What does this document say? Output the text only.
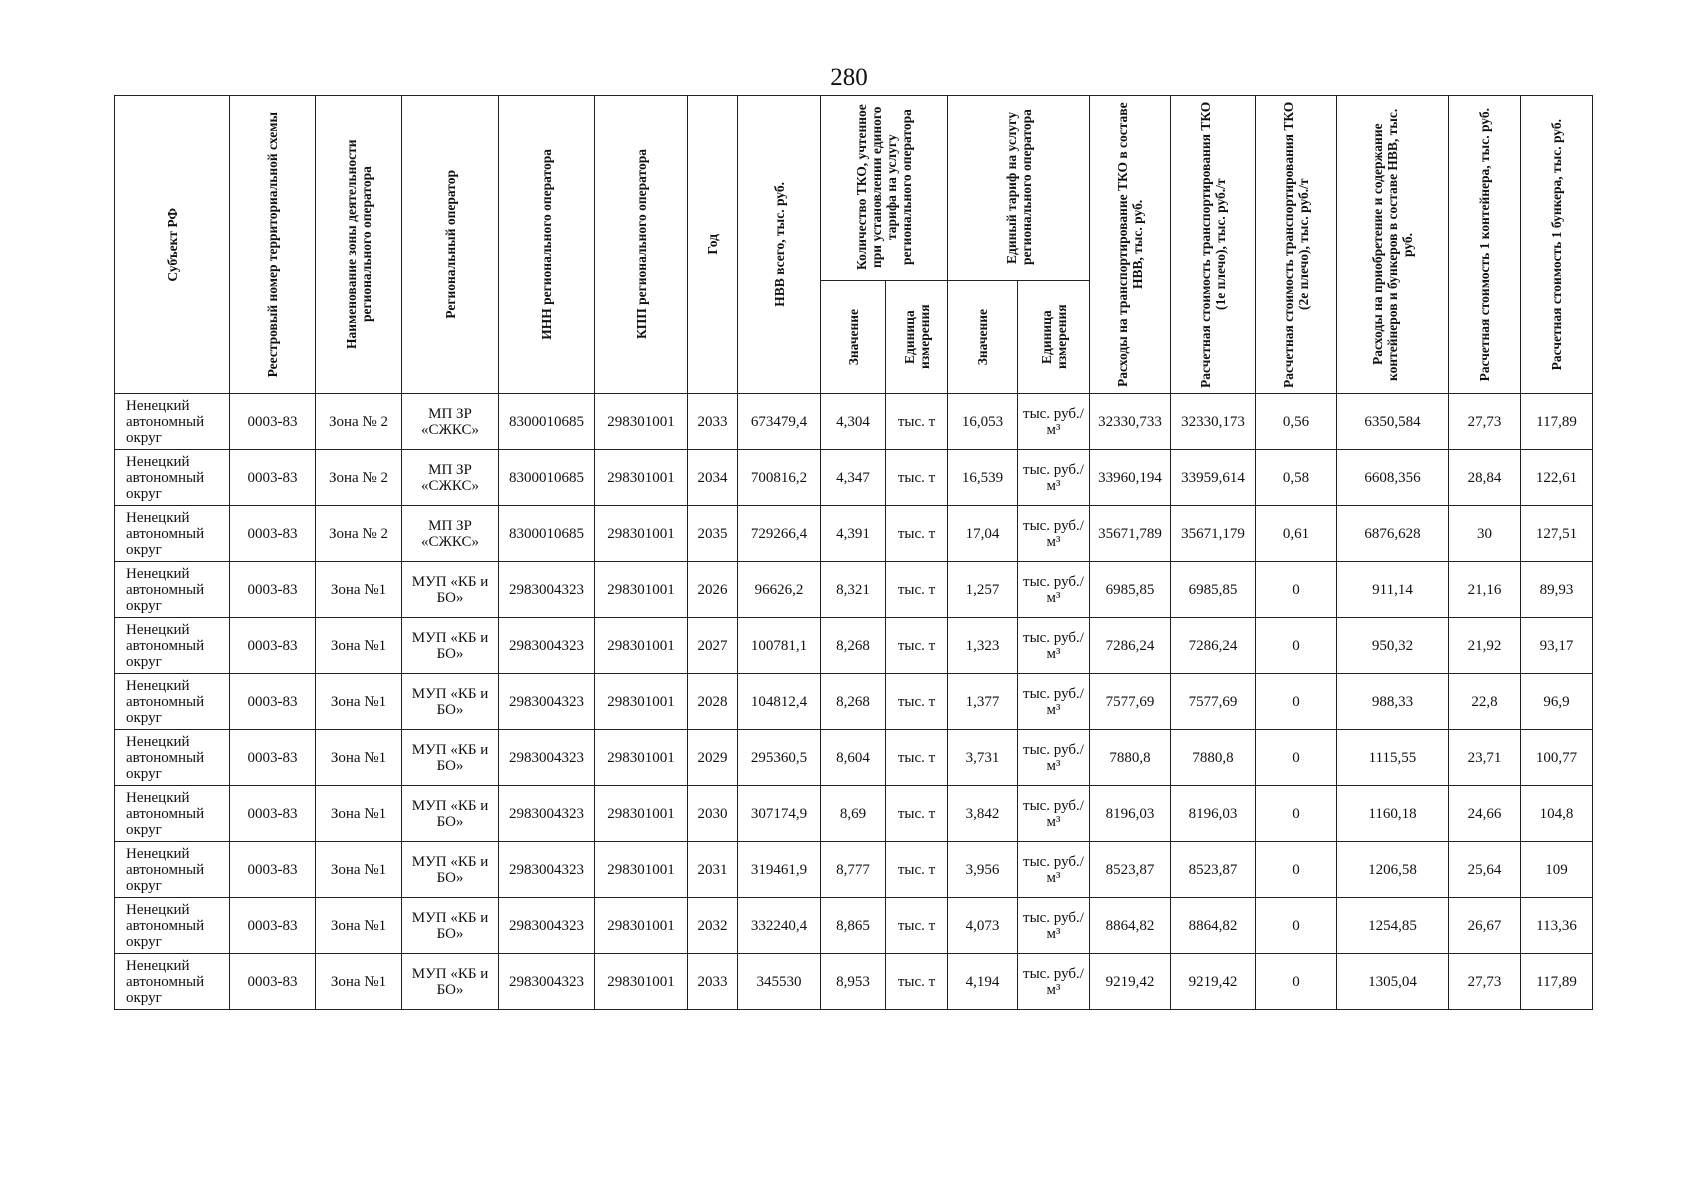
280
Субъект РФ	Реестровый номер территориальной схемы	Наименование зоны деятельности регионального оператора	Региональный оператор	ИНН регионального оператора	КПП регионального оператора	Год	НВВ всего, тыс. руб.	Количество ТКО, учтенное при установлении единого тарифа на услугу регионального оператора		Единый тариф на услугу регионального оператора		Расходы на транспортирование ТКО в составе НВВ, тыс. руб.	Расчетная стоимость транспортирования ТКО (1е плечо), тыс. руб./т	Расчетная стоимость транспортирования ТКО (2е плечо), тыс. руб./т	Расходы на приобретение и содержание контейнеров и бункеров в составе НВВ, тыс. руб.	Расчетная стоимость 1 контейнера, тыс. руб.	Расчетная стоимость 1 бункера, тыс. руб.

								Значение	Единица измерения	Значение	Единица измерения						

Ненецкий автономный округ	0003-83	Зона № 2	МП ЗР «СЖКС»	8300010685	298301001	2033	673479,4	4,304	тыс. т	16,053	тыс. руб./м³	32330,733	32330,173	0,56	6350,584	27,73	117,89
Ненецкий автономный округ	0003-83	Зона № 2	МП ЗР «СЖКС»	8300010685	298301001	2034	700816,2	4,347	тыс. т	16,539	тыс. руб./м³	33960,194	33959,614	0,58	6608,356	28,84	122,61
Ненецкий автономный округ	0003-83	Зона № 2	МП ЗР «СЖКС»	8300010685	298301001	2035	729266,4	4,391	тыс. т	17,04	тыс. руб./м³	35671,789	35671,179	0,61	6876,628	30	127,51
Ненецкий автономный округ	0003-83	Зона №1	МУП «КБ и БО»	2983004323	298301001	2026	96626,2	8,321	тыс. т	1,257	тыс. руб./м³	6985,85	6985,85	0	911,14	21,16	89,93
Ненецкий автономный округ	0003-83	Зона №1	МУП «КБ и БО»	2983004323	298301001	2027	100781,1	8,268	тыс. т	1,323	тыс. руб./м³	7286,24	7286,24	0	950,32	21,92	93,17
Ненецкий автономный округ	0003-83	Зона №1	МУП «КБ и БО»	2983004323	298301001	2028	104812,4	8,268	тыс. т	1,377	тыс. руб./м³	7577,69	7577,69	0	988,33	22,8	96,9
Ненецкий автономный округ	0003-83	Зона №1	МУП «КБ и БО»	2983004323	298301001	2029	295360,5	8,604	тыс. т	3,731	тыс. руб./м³	7880,8	7880,8	0	1115,55	23,71	100,77
Ненецкий автономный округ	0003-83	Зона №1	МУП «КБ и БО»	2983004323	298301001	2030	307174,9	8,69	тыс. т	3,842	тыс. руб./м³	8196,03	8196,03	0	1160,18	24,66	104,8
Ненецкий автономный округ	0003-83	Зона №1	МУП «КБ и БО»	2983004323	298301001	2031	319461,9	8,777	тыс. т	3,956	тыс. руб./м³	8523,87	8523,87	0	1206,58	25,64	109
Ненецкий автономный округ	0003-83	Зона №1	МУП «КБ и БО»	2983004323	298301001	2032	332240,4	8,865	тыс. т	4,073	тыс. руб./м³	8864,82	8864,82	0	1254,85	26,67	113,36
Ненецкий автономный округ	0003-83	Зона №1	МУП «КБ и БО»	2983004323	298301001	2033	345530	8,953	тыс. т	4,194	тыс. руб./м³	9219,42	9219,42	0	1305,04	27,73	117,89
